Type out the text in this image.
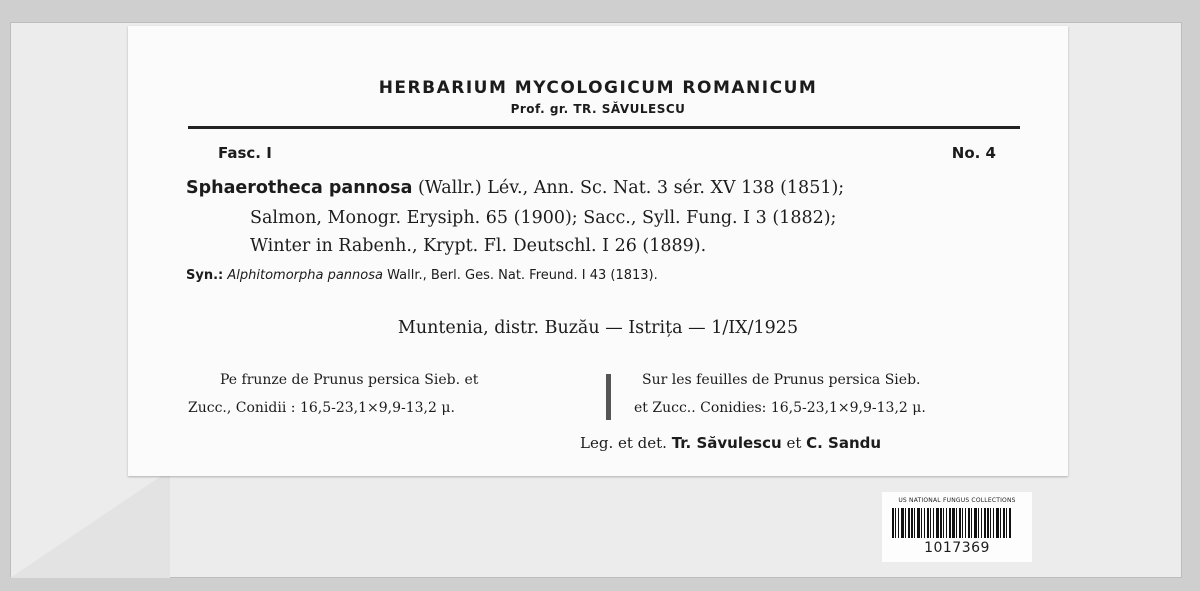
HERBARIUM MYCOLOGICUM ROMANICUM
Prof. gr. TR. SĂVULESCU
Fasc. I	No. 4
Sphaerotheca pannosa (Wallr.) Lév., Ann. Sc. Nat. 3 sér. XV 138 (1851);
Salmon, Monogr. Erysiph. 65 (1900); Sacc., Syll. Fung. I 3 (1882);
Winter in Rabenh., Krypt. Fl. Deutschl. I 26 (1889).
Syn.: Alphitomorpha pannosa Wallr., Berl. Ges. Nat. Freund. I 43 (1813).
Muntenia, distr. Buzău — Istrița — 1/IX/1925
Pe frunze de Prunus persica Sieb. et
Zucc., Conidii : 16,5-23,1×9,9-13,2 μ.
Sur les feuilles de Prunus persica Sieb.
et Zucc.. Conidies: 16,5-23,1×9,9-13,2 μ.
Leg. et det. Tr. Săvulescu et C. Sandu
US NATIONAL FUNGUS COLLECTIONS
1017369
